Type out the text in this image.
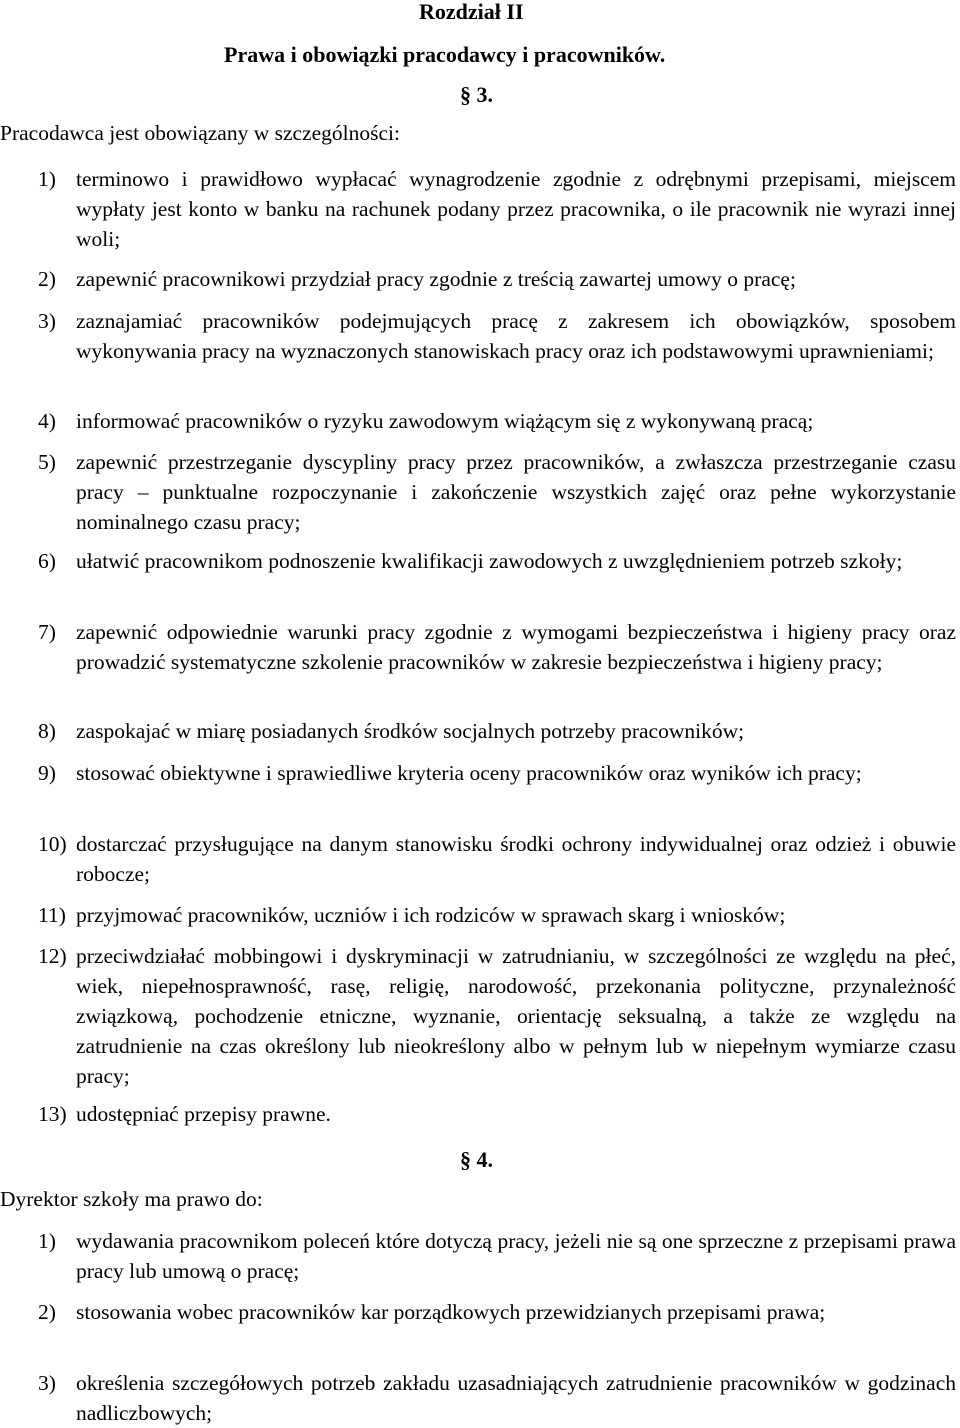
Rozdział II
Prawa i obowiązki pracodawcy i pracowników.
§ 3.
Pracodawca jest obowiązany w szczególności:
1) terminowo i prawidłowo wypłacać wynagrodzenie zgodnie z odrębnymi przepisami, miejscem wypłaty jest konto w banku na rachunek podany przez pracownika, o ile pracownik nie wyrazi innej woli;
2) zapewnić pracownikowi przydział pracy zgodnie z treścią zawartej umowy o pracę;
3) zaznajamiać pracowników podejmujących pracę z zakresem ich obowiązków, sposobem wykonywania pracy na wyznaczonych stanowiskach pracy oraz ich podstawowymi uprawnieniami;
4) informować pracowników o ryzyku zawodowym wiążącym się z wykonywaną pracą;
5) zapewnić przestrzeganie dyscypliny pracy przez pracowników, a zwłaszcza przestrzeganie czasu pracy – punktualne rozpoczynanie i zakończenie wszystkich zajęć oraz pełne wykorzystanie nominalnego czasu pracy;
6) ułatwić pracownikom podnoszenie kwalifikacji zawodowych z uwzględnieniem potrzeb szkoły;
7) zapewnić odpowiednie warunki pracy zgodnie z wymogami bezpieczeństwa i higieny pracy oraz prowadzić systematyczne szkolenie pracowników w zakresie bezpieczeństwa i higieny pracy;
8) zaspokajać w miarę posiadanych środków socjalnych potrzeby pracowników;
9) stosować obiektywne i sprawiedliwe kryteria oceny pracowników oraz wyników ich pracy;
10) dostarczać przysługujące na danym stanowisku środki ochrony indywidualnej oraz odzież i obuwie robocze;
11) przyjmować pracowników, uczniów i ich rodziców w sprawach skarg i wniosków;
12) przeciwdziałać mobbingowi i dyskryminacji w zatrudnianiu, w szczególności ze względu na płeć, wiek, niepełnosprawność, rasę, religię, narodowość, przekonania polityczne, przynależność związkową, pochodzenie etniczne, wyznanie, orientację seksualną, a także ze względu na zatrudnienie na czas określony lub nieokreślony albo w pełnym lub w niepełnym wymiarze czasu pracy;
13) udostępniać przepisy prawne.
§ 4.
Dyrektor szkoły ma prawo do:
1) wydawania pracownikom poleceń które dotyczą pracy, jeżeli nie są one sprzeczne z przepisami prawa pracy lub umową o pracę;
2) stosowania wobec pracowników kar porządkowych przewidzianych przepisami prawa;
3) określenia szczegółowych potrzeb zakładu uzasadniających zatrudnienie pracowników w godzinach nadliczbowych;
